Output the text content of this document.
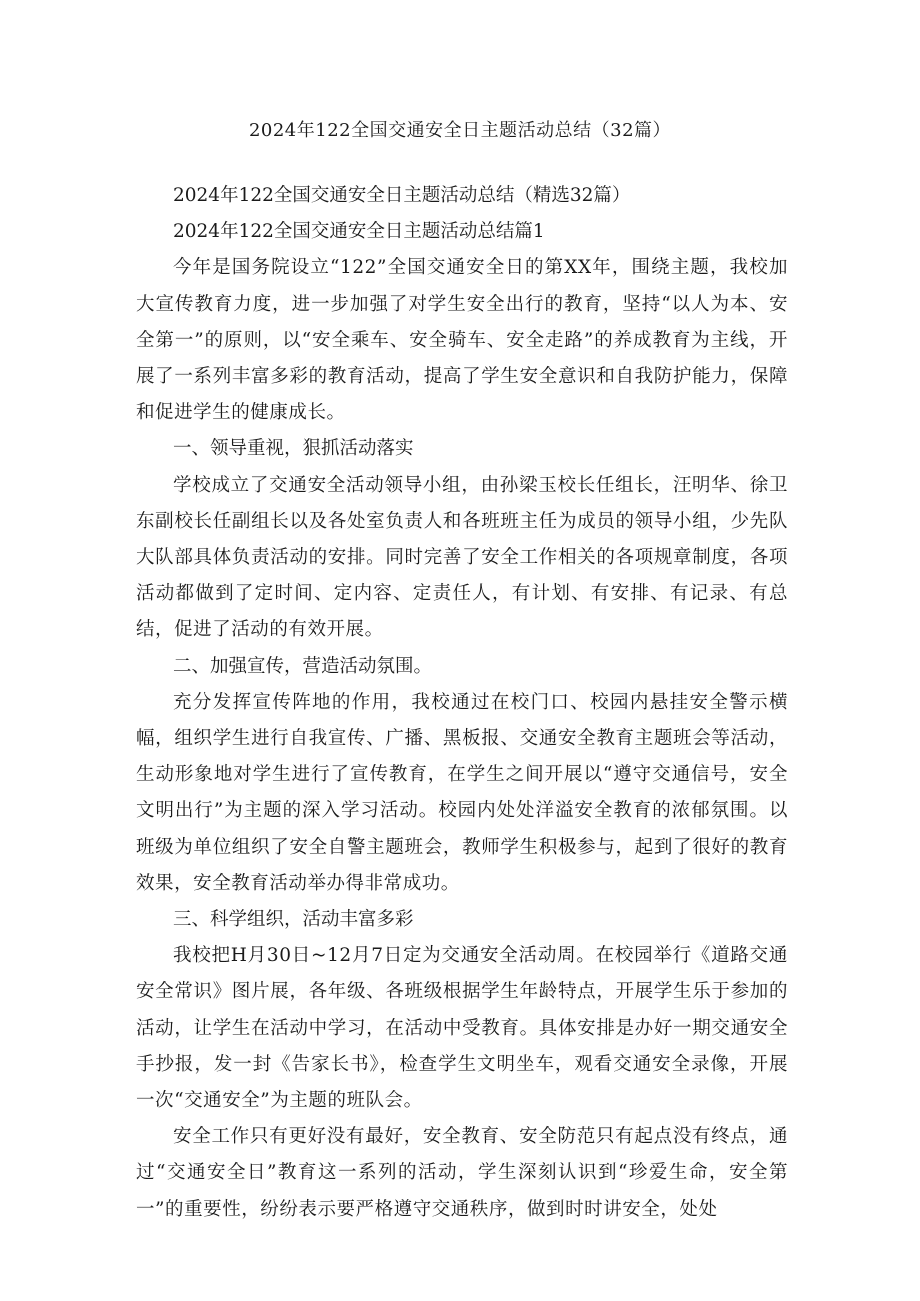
2024年122全国交通安全日主题活动总结（32篇）

2024年122全国交通安全日主题活动总结（精选32篇）

2024年122全国交通安全日主题活动总结篇1

今年是国务院设立“122”全国交通安全日的第XX年，围绕主题，我校加大宣传教育力度，进一步加强了对学生安全出行的教育，坚持“以人为本、安全第一”的原则，以“安全乘车、安全骑车、安全走路”的养成教育为主线，开展了一系列丰富多彩的教育活动，提高了学生安全意识和自我防护能力，保障和促进学生的健康成长。

一、领导重视，狠抓活动落实

学校成立了交通安全活动领导小组，由孙梁玉校长任组长，汪明华、徐卫东副校长任副组长以及各处室负责人和各班班主任为成员的领导小组，少先队大队部具体负责活动的安排。同时完善了安全工作相关的各项规章制度，各项活动都做到了定时间、定内容、定责任人，有计划、有安排、有记录、有总结，促进了活动的有效开展。

二、加强宣传，营造活动氛围。

充分发挥宣传阵地的作用，我校通过在校门口、校园内悬挂安全警示横幅，组织学生进行自我宣传、广播、黑板报、交通安全教育主题班会等活动，生动形象地对学生进行了宣传教育，在学生之间开展以“遵守交通信号，安全文明出行”为主题的深入学习活动。校园内处处洋溢安全教育的浓郁氛围。以班级为单位组织了安全自警主题班会，教师学生积极参与，起到了很好的教育效果，安全教育活动举办得非常成功。

三、科学组织，活动丰富多彩

我校把H月30日~12月7日定为交通安全活动周。在校园举行《道路交通安全常识》图片展，各年级、各班级根据学生年龄特点，开展学生乐于参加的活动，让学生在活动中学习，在活动中受教育。具体安排是办好一期交通安全手抄报，发一封《告家长书》，检查学生文明坐车，观看交通安全录像，开展一次“交通安全”为主题的班队会。

安全工作只有更好没有最好，安全教育、安全防范只有起点没有终点，通过“交通安全日”教育这一系列的活动，学生深刻认识到“珍爱生命，安全第一”的重要性，纷纷表示要严格遵守交通秩序，做到时时讲安全，处处
